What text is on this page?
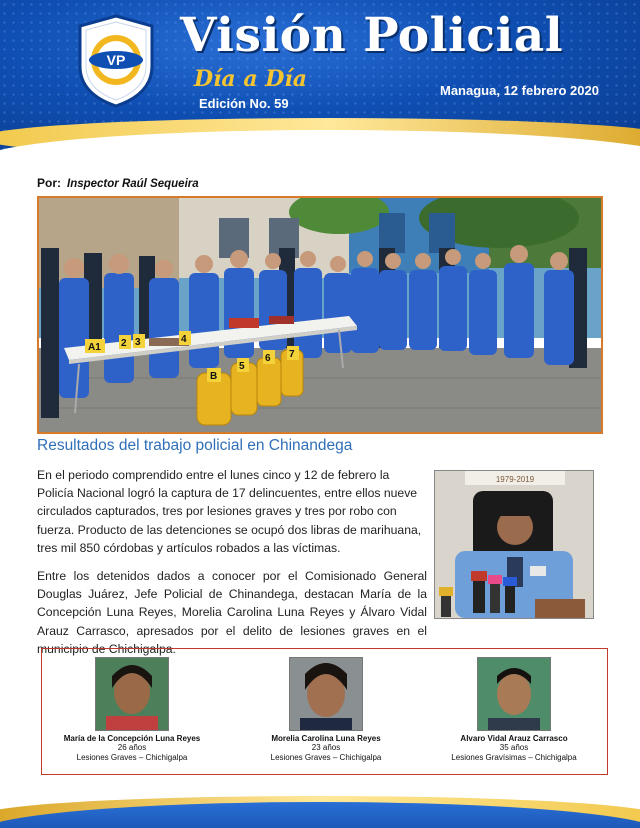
VP Visión Policial
Día a Día
Edición No. 59
Managua, 12 febrero 2020
Por: Inspector Raúl Sequeira
A1 2 3	4
5
6 7
B
Resultados del trabajo policial en Chinandega

En el periodo comprendido entre el lunes cinco y 12 de febrero la Policía Nacional logró la captura de 17 delincuentes, entre ellos nueve circulados capturados, tres por lesiones graves y tres por robo con fuerza. Producto de las detenciones se ocupó dos libras de marihuana, tres mil 850 córdobas y artículos robados a las víctimas.

Entre los detenidos dados a conocer por el Comisionado General Douglas Juárez, Jefe Policial de Chinandega, destacan María de la Concepción Luna Reyes, Morelia Carolina Luna Reyes y Álvaro Vidal Arauz Carrasco, apresados por el delito de lesiones graves en el municipio de Chichigalpa.

1979-2019
María de la Concepción Luna Reyes
26 años
Lesiones Graves – Chichigalpa
Morelia Carolina Luna Reyes
23 años
Lesiones Graves – Chichigalpa
Alvaro Vidal Arauz Carrasco
35 años
Lesiones Gravísimas – Chichigalpa
